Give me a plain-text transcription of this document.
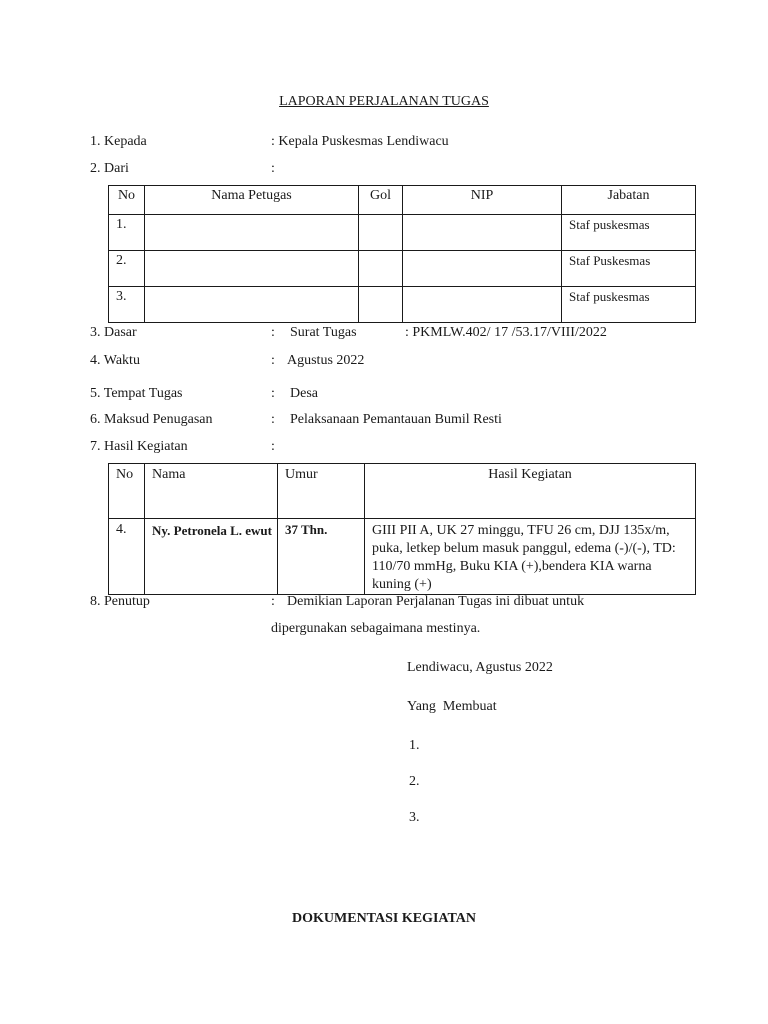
LAPORAN PERJALANAN TUGAS
1. Kepada	: Kepala Puskesmas Lendiwacu
2. Dari	:
No	Nama Petugas	Gol	NIP	Jabatan
1.				Staf puskesmas
2.				Staf Puskesmas
3.				Staf puskesmas
3. Dasar	: Surat Tugas	: PKMLW.402/ 17 /53.17/VIII/2022
4. Waktu	: Agustus 2022
5. Tempat Tugas	: Desa
6. Maksud Penugasan	: Pelaksanaan Pemantauan Bumil Resti
7. Hasil Kegiatan	:
No	Nama	Umur	Hasil Kegiatan
4.	Ny. Petronela L. ewut	37 Thn.	GIII PII A, UK 27 minggu, TFU 26 cm, DJJ 135x/m, puka, letkep belum masuk panggul, edema (-)/(-), TD: 110/70 mmHg, Buku KIA (+),bendera KIA warna kuning (+)
8. Penutup	: Demikian Laporan Perjalanan Tugas ini dibuat untuk
dipergunakan sebagaimana mestinya.
Lendiwacu, Agustus 2022
Yang  Membuat
1.
2.
3.
DOKUMENTASI KEGIATAN
